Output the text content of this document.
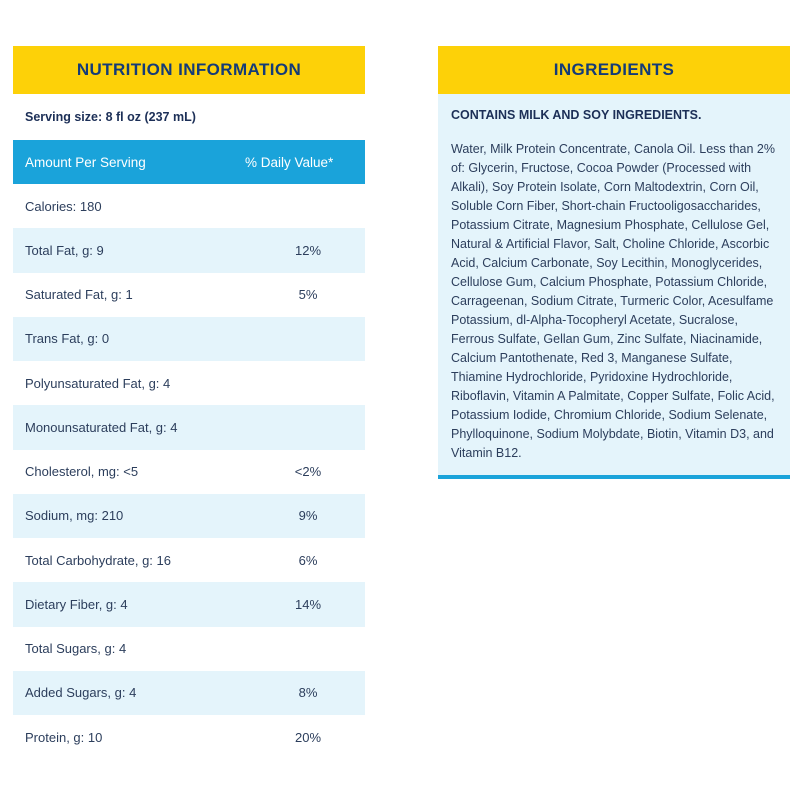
NUTRITION INFORMATION
Serving size: 8 fl oz (237 mL)
Amount Per Serving	% Daily Value*
Calories: 180
Total Fat, g: 9	12%
Saturated Fat, g: 1	5%
Trans Fat, g: 0
Polyunsaturated Fat, g: 4
Monounsaturated Fat, g: 4
Cholesterol, mg: <5	<2%
Sodium, mg: 210	9%
Total Carbohydrate, g: 16	6%
Dietary Fiber, g: 4	14%
Total Sugars, g: 4
Added Sugars, g: 4	8%
Protein, g: 10	20%
INGREDIENTS
CONTAINS MILK AND SOY INGREDIENTS.
Water, Milk Protein Concentrate, Canola Oil. Less than 2% of: Glycerin, Fructose, Cocoa Powder (Processed with Alkali), Soy Protein Isolate, Corn Maltodextrin, Corn Oil, Soluble Corn Fiber, Short-chain Fructooligosaccharides, Potassium Citrate, Magnesium Phosphate, Cellulose Gel, Natural & Artificial Flavor, Salt, Choline Chloride, Ascorbic Acid, Calcium Carbonate, Soy Lecithin, Monoglycerides, Cellulose Gum, Calcium Phosphate, Potassium Chloride, Carrageenan, Sodium Citrate, Turmeric Color, Acesulfame Potassium, dl-Alpha-Tocopheryl Acetate, Sucralose, Ferrous Sulfate, Gellan Gum, Zinc Sulfate, Niacinamide, Calcium Pantothenate, Red 3, Manganese Sulfate, Thiamine Hydrochloride, Pyridoxine Hydrochloride, Riboflavin, Vitamin A Palmitate, Copper Sulfate, Folic Acid, Potassium Iodide, Chromium Chloride, Sodium Selenate, Phylloquinone, Sodium Molybdate, Biotin, Vitamin D3, and Vitamin B12.
